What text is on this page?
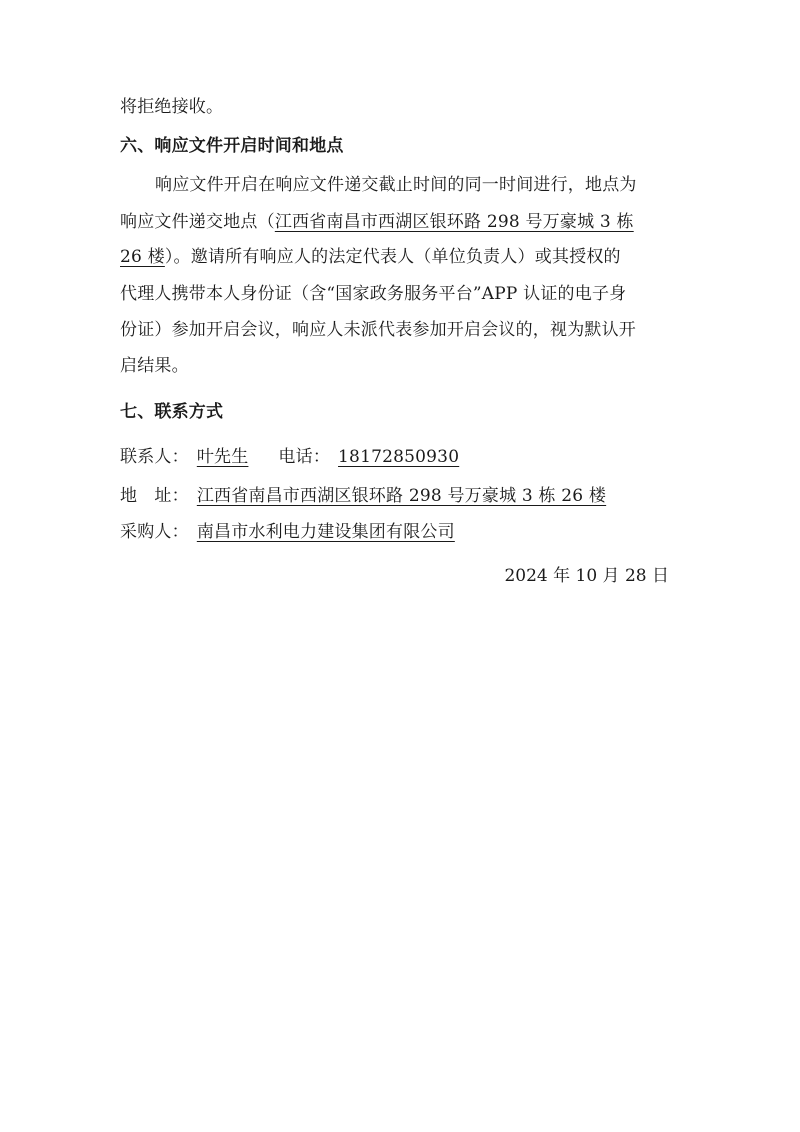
将拒绝接收。
六、响应文件开启时间和地点
响应文件开启在响应文件递交截止时间的同一时间进行，地点为
响应文件递交地点（江西省南昌市西湖区银环路 298 号万豪城 3 栋
26 楼）。邀请所有响应人的法定代表人（单位负责人）或其授权的
代理人携带本人身份证（含“国家政务服务平台”APP 认证的电子身
份证）参加开启会议，响应人未派代表参加开启会议的，视为默认开
启结果。
七、联系方式
联系人： 叶先生 电话： 18172850930
地　址： 江西省南昌市西湖区银环路 298 号万豪城 3 栋 26 楼
采购人： 南昌市水利电力建设集团有限公司
2024 年 10 月 28 日
